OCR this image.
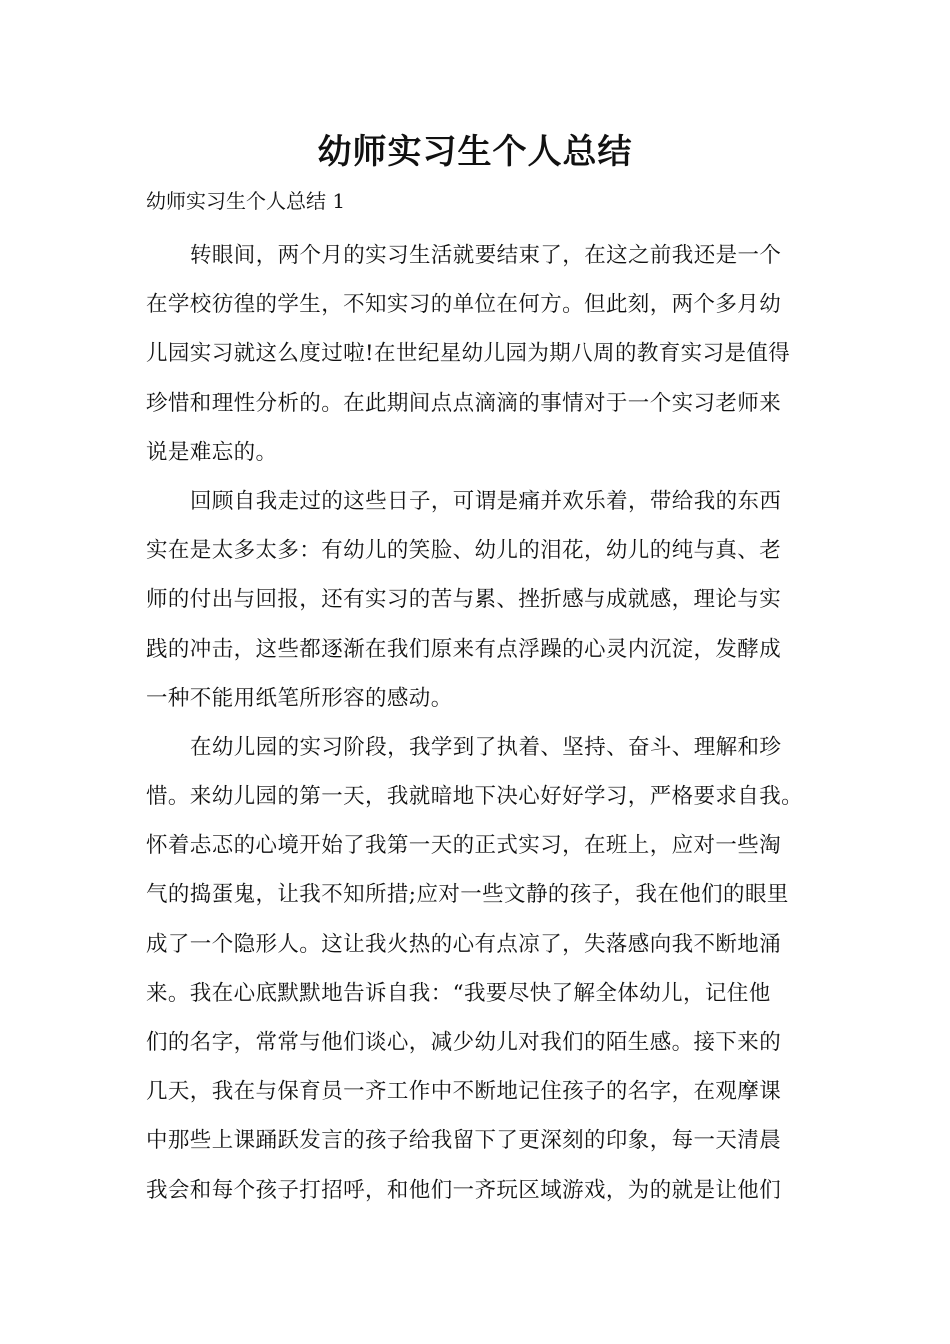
幼师实习生个人总结
幼师实习生个人总结 1
转眼间，两个月的实习生活就要结束了，在这之前我还是一个
在学校彷徨的学生，不知实习的单位在何方。但此刻，两个多月幼
儿园实习就这么度过啦!在世纪星幼儿园为期八周的教育实习是值得
珍惜和理性分析的。在此期间点点滴滴的事情对于一个实习老师来
说是难忘的。
回顾自我走过的这些日子，可谓是痛并欢乐着，带给我的东西
实在是太多太多：有幼儿的笑脸、幼儿的泪花，幼儿的纯与真、老
师的付出与回报，还有实习的苦与累、挫折感与成就感，理论与实
践的冲击，这些都逐渐在我们原来有点浮躁的心灵内沉淀，发酵成
一种不能用纸笔所形容的感动。
在幼儿园的实习阶段，我学到了执着、坚持、奋斗、理解和珍
惜。来幼儿园的第一天，我就暗地下决心好好学习，严格要求自我。
怀着忐忑的心境开始了我第一天的正式实习，在班上，应对一些淘
气的捣蛋鬼，让我不知所措;应对一些文静的孩子，我在他们的眼里
成了一个隐形人。这让我火热的心有点凉了，失落感向我不断地涌
来。我在心底默默地告诉自我：“我要尽快了解全体幼儿，记住他
们的名字，常常与他们谈心，减少幼儿对我们的陌生感。接下来的
几天，我在与保育员一齐工作中不断地记住孩子的名字，在观摩课
中那些上课踊跃发言的孩子给我留下了更深刻的印象，每一天清晨
我会和每个孩子打招呼，和他们一齐玩区域游戏，为的就是让他们
